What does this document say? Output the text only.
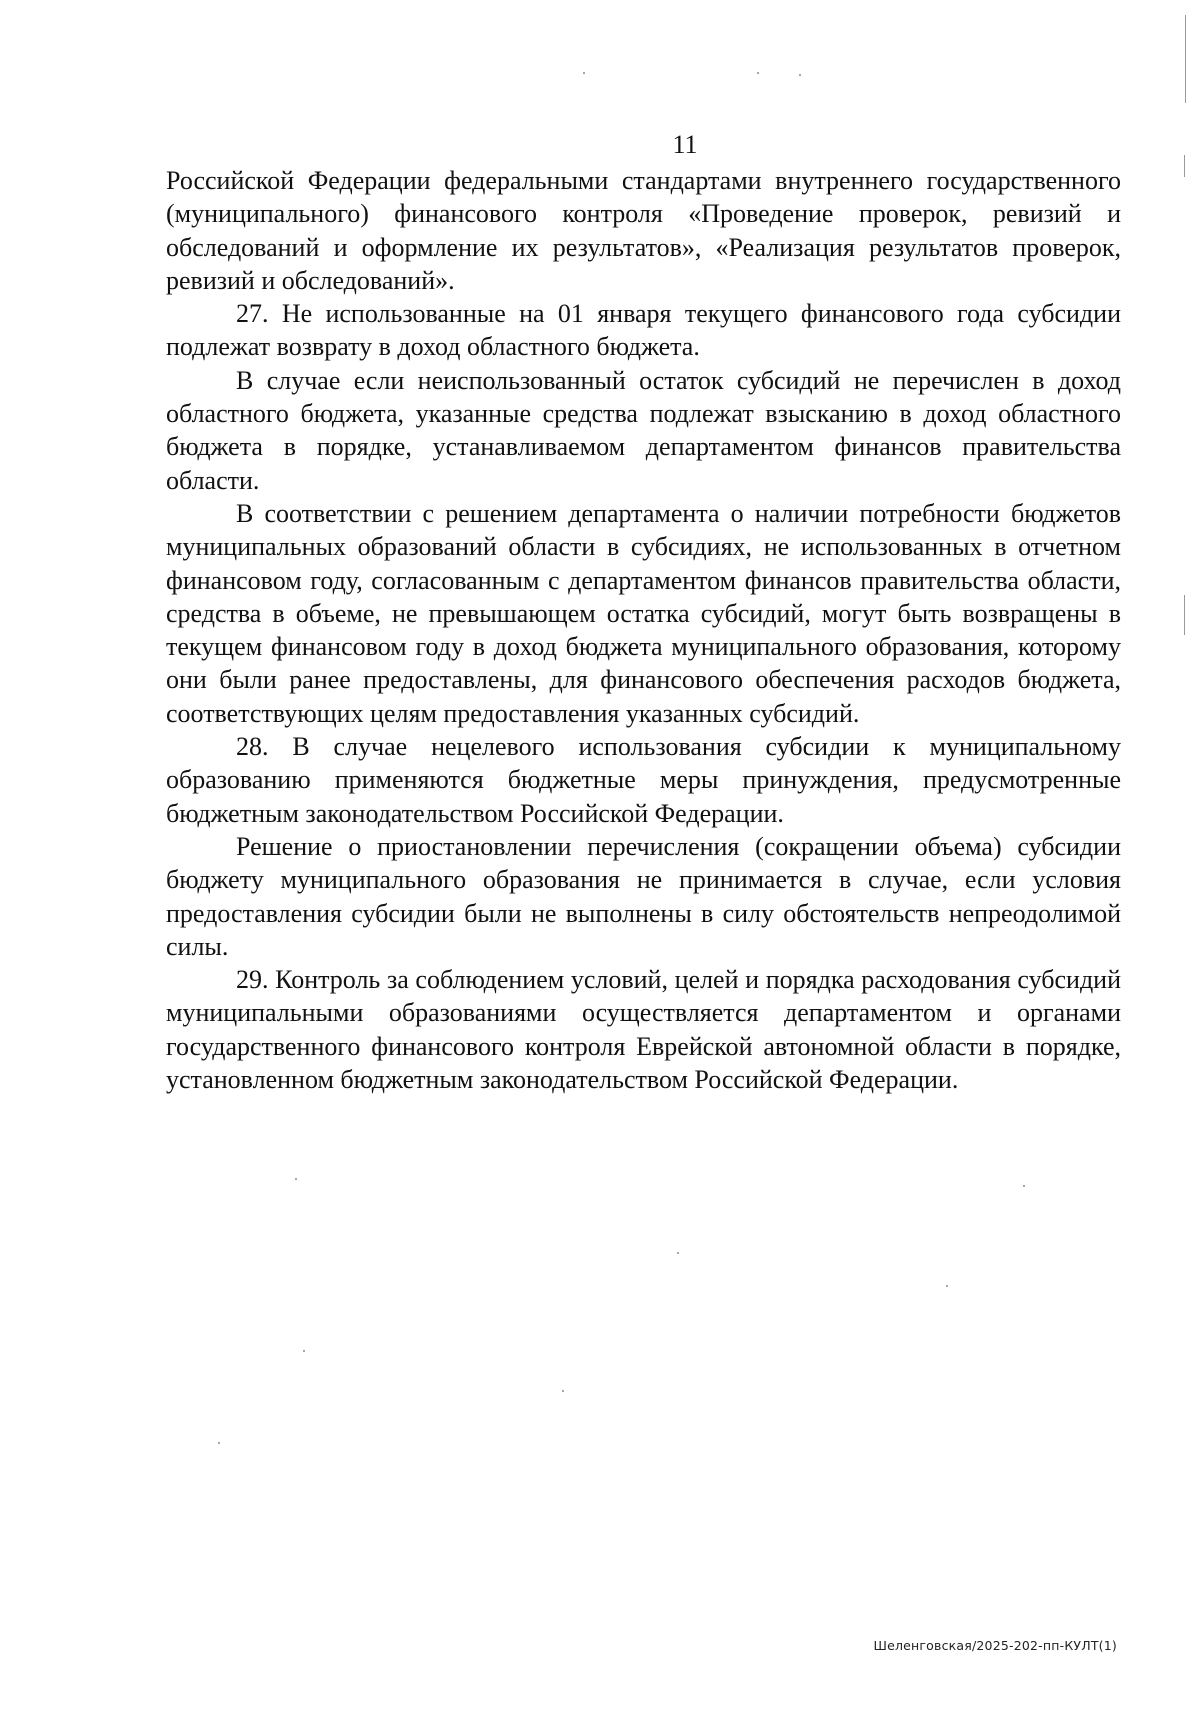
11

Российской Федерации федеральными стандартами внутреннего государственного (муниципального) финансового контроля «Проведение проверок, ревизий и обследований и оформление их результатов», «Реализация результатов проверок, ревизий и обследований».

27. Не использованные на 01 января текущего финансового года субсидии подлежат возврату в доход областного бюджета.

В случае если неиспользованный остаток субсидий не перечислен в доход областного бюджета, указанные средства подлежат взысканию в доход областного бюджета в порядке, устанавливаемом департаментом финансов правительства области.

В соответствии с решением департамента о наличии потребности бюджетов муниципальных образований области в субсидиях, не использованных в отчетном финансовом году, согласованным с департаментом финансов правительства области, средства в объеме, не превышающем остатка субсидий, могут быть возвращены в текущем финансовом году в доход бюджета муниципального образования, которому они были ранее предоставлены, для финансового обеспечения расходов бюджета, соответствующих целям предоставления указанных субсидий.

28. В случае нецелевого использования субсидии к муниципальному образованию применяются бюджетные меры принуждения, предусмотренные бюджетным законодательством Российской Федерации.

Решение о приостановлении перечисления (сокращении объема) субсидии бюджету муниципального образования не принимается в случае, если условия предоставления субсидии были не выполнены в силу обстоятельств непреодолимой силы.

29. Контроль за соблюдением условий, целей и порядка расходования субсидий муниципальными образованиями осуществляется департаментом и органами государственного финансового контроля Еврейской автономной области в порядке, установленном бюджетным законодательством Российской Федерации.

Шеленговская/2025-202-пп-КУЛТ(1)
